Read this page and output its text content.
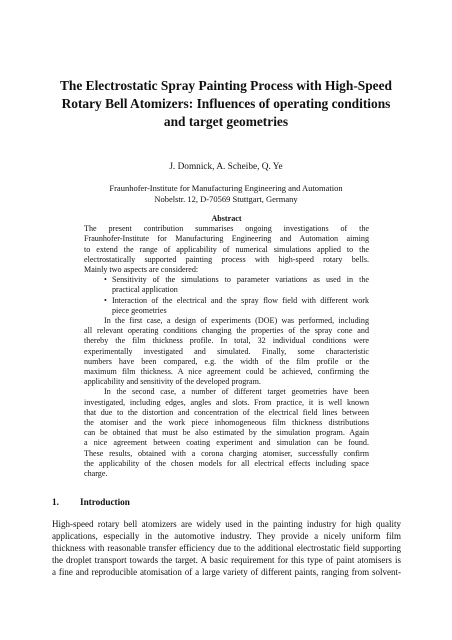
The Electrostatic Spray Painting Process with High-Speed
Rotary Bell Atomizers: Influences of operating conditions
and target geometries
J. Domnick, A. Scheibe, Q. Ye
Fraunhofer-Institute for Manufacturing Engineering and Automation
Nobelstr. 12, D-70569 Stuttgart, Germany
Abstract
The present contribution summarises ongoing investigations of the
Fraunhofer-Institute for Manufacturing Engineering and Automation aiming
to extend the range of applicability of numerical simulations applied to the
electrostatically supported painting process with high-speed rotary bells.
Mainly two aspects are considered:
• Sensitivity of the simulations to parameter variations as used in the
practical application
• Interaction of the electrical and the spray flow field with different work
piece geometries
In the first case, a design of experiments (DOE) was performed, including
all relevant operating conditions changing the properties of the spray cone and
thereby the film thickness profile. In total, 32 individual conditions were
experimentally investigated and simulated. Finally, some characteristic
numbers have been compared, e.g. the width of the film profile or the
maximum film thickness. A nice agreement could be achieved, confirming the
applicability and sensitivity of the developed program.
In the second case, a number of different target geometries have been
investigated, including edges, angles and slots. From practice, it is well known
that due to the distortion and concentration of the electrical field lines between
the atomiser and the work piece inhomogeneous film thickness distributions
can be obtained that must be also estimated by the simulation program. Again
a nice agreement between coating experiment and simulation can be found.
These results, obtained with a corona charging atomiser, successfully confirm
the applicability of the chosen models for all electrical effects including space
charge.
1. Introduction
High-speed rotary bell atomizers are widely used in the painting industry for high quality
applications, especially in the automotive industry. They provide a nicely uniform film
thickness with reasonable transfer efficiency due to the additional electrostatic field supporting
the droplet transport towards the target. A basic requirement for this type of paint atomisers is
a fine and reproducible atomisation of a large variety of different paints, ranging from solvent-
